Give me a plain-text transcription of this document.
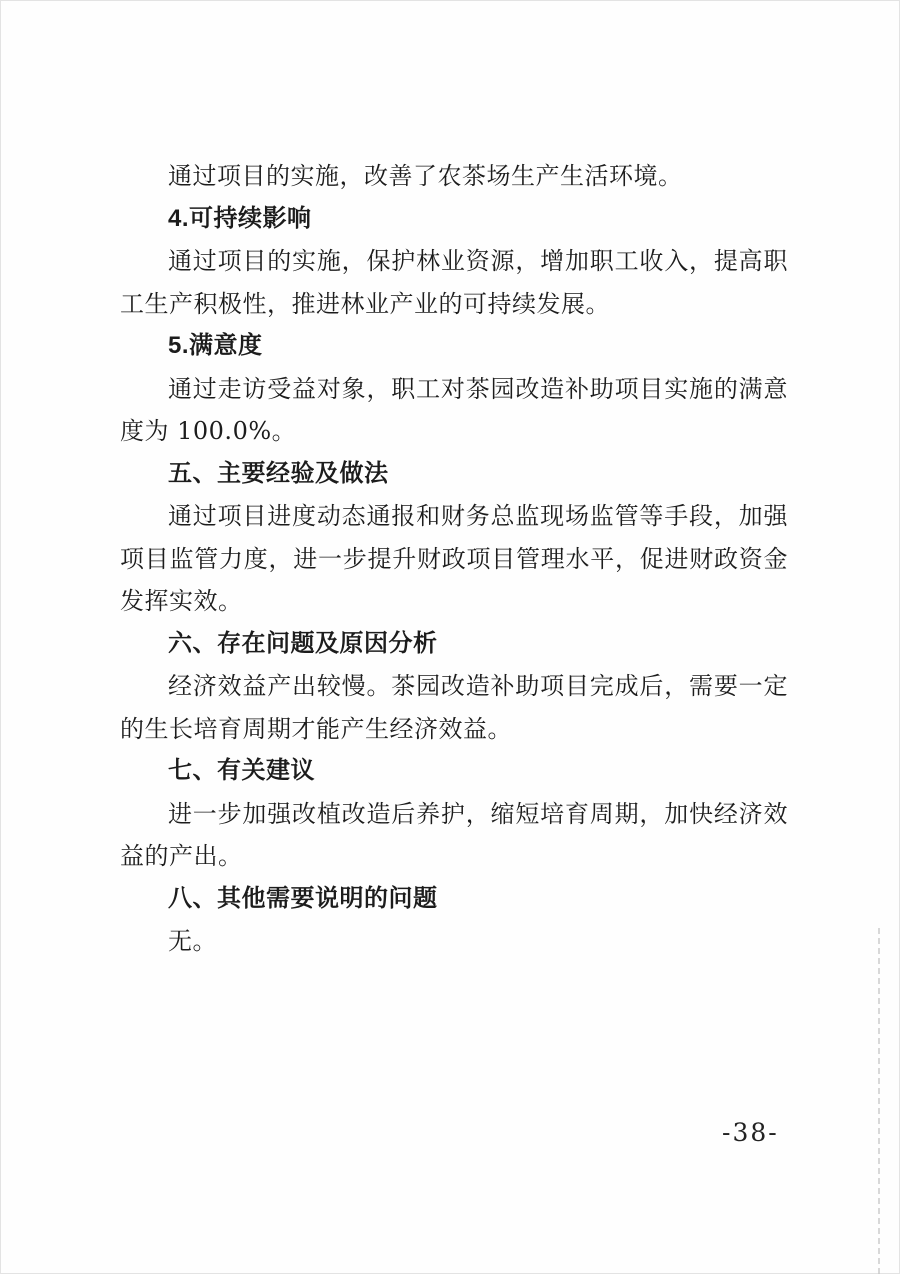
通过项目的实施，改善了农茶场生产生活环境。

4.可持续影响

通过项目的实施，保护林业资源，增加职工收入，提高职工生产积极性，推进林业产业的可持续发展。

5.满意度

通过走访受益对象，职工对茶园改造补助项目实施的满意度为 100.0%。

五、主要经验及做法

通过项目进度动态通报和财务总监现场监管等手段，加强项目监管力度，进一步提升财政项目管理水平，促进财政资金发挥实效。

六、存在问题及原因分析

经济效益产出较慢。茶园改造补助项目完成后，需要一定的生长培育周期才能产生经济效益。

七、有关建议

进一步加强改植改造后养护，缩短培育周期，加快经济效益的产出。

八、其他需要说明的问题

无。

-38-
